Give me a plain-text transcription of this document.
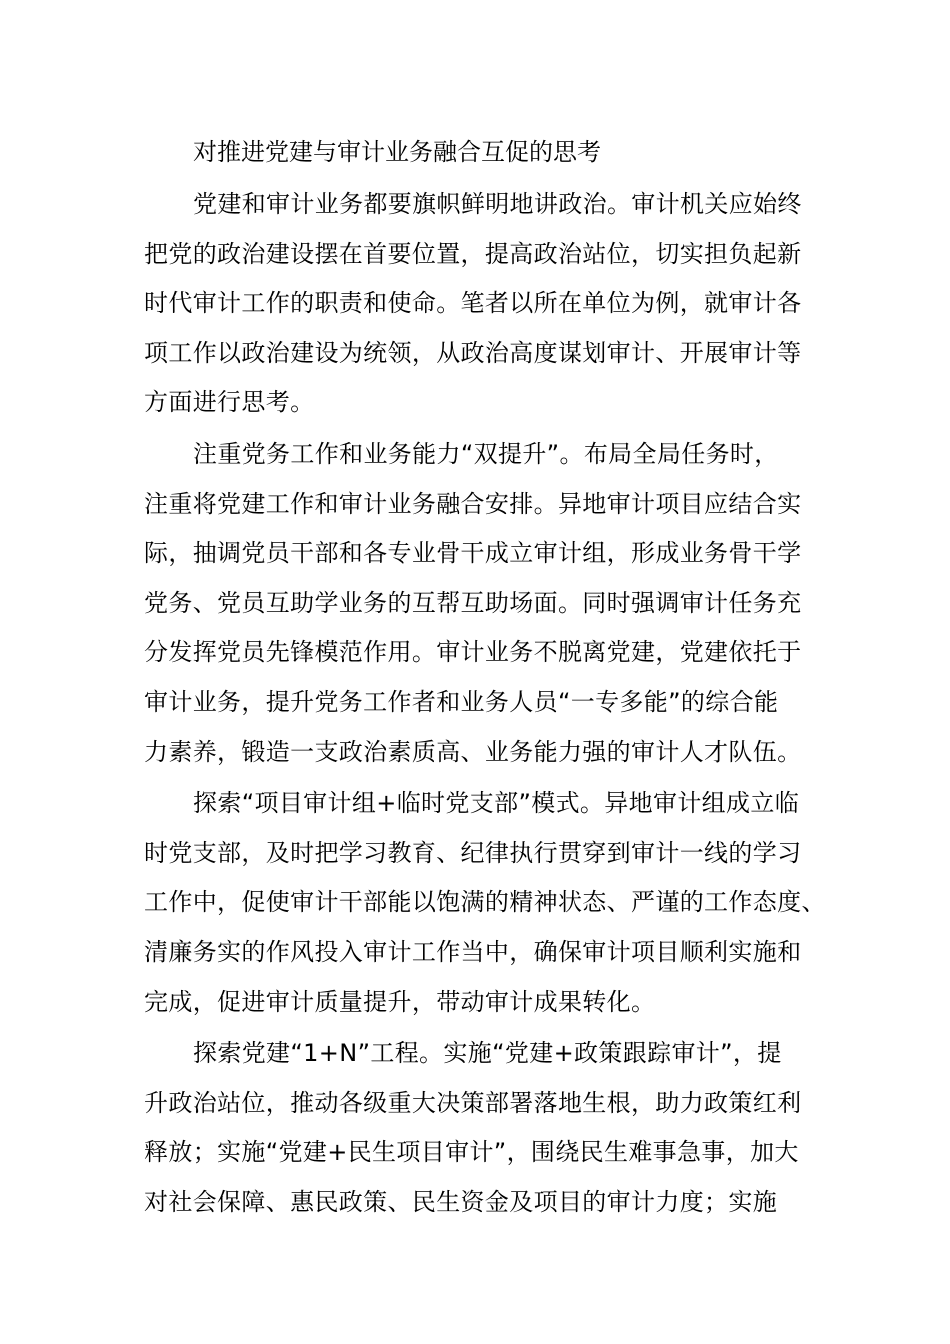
对推进党建与审计业务融合互促的思考
党建和审计业务都要旗帜鲜明地讲政治。审计机关应始终
把党的政治建设摆在首要位置，提高政治站位，切实担负起新
时代审计工作的职责和使命。笔者以所在单位为例，就审计各
项工作以政治建设为统领，从政治高度谋划审计、开展审计等
方面进行思考。
注重党务工作和业务能力“双提升”。布局全局任务时，
注重将党建工作和审计业务融合安排。异地审计项目应结合实
际，抽调党员干部和各专业骨干成立审计组，形成业务骨干学
党务、党员互助学业务的互帮互助场面。同时强调审计任务充
分发挥党员先锋模范作用。审计业务不脱离党建，党建依托于
审计业务，提升党务工作者和业务人员“一专多能”的综合能
力素养，锻造一支政治素质高、业务能力强的审计人才队伍。
探索“项目审计组+临时党支部”模式。异地审计组成立临
时党支部，及时把学习教育、纪律执行贯穿到审计一线的学习
工作中，促使审计干部能以饱满的精神状态、严谨的工作态度、
清廉务实的作风投入审计工作当中，确保审计项目顺利实施和
完成，促进审计质量提升，带动审计成果转化。
探索党建“1+N”工程。实施“党建+政策跟踪审计”，提
升政治站位，推动各级重大决策部署落地生根，助力政策红利
释放；实施“党建+民生项目审计”，围绕民生难事急事，加大
对社会保障、惠民政策、民生资金及项目的审计力度；实施
